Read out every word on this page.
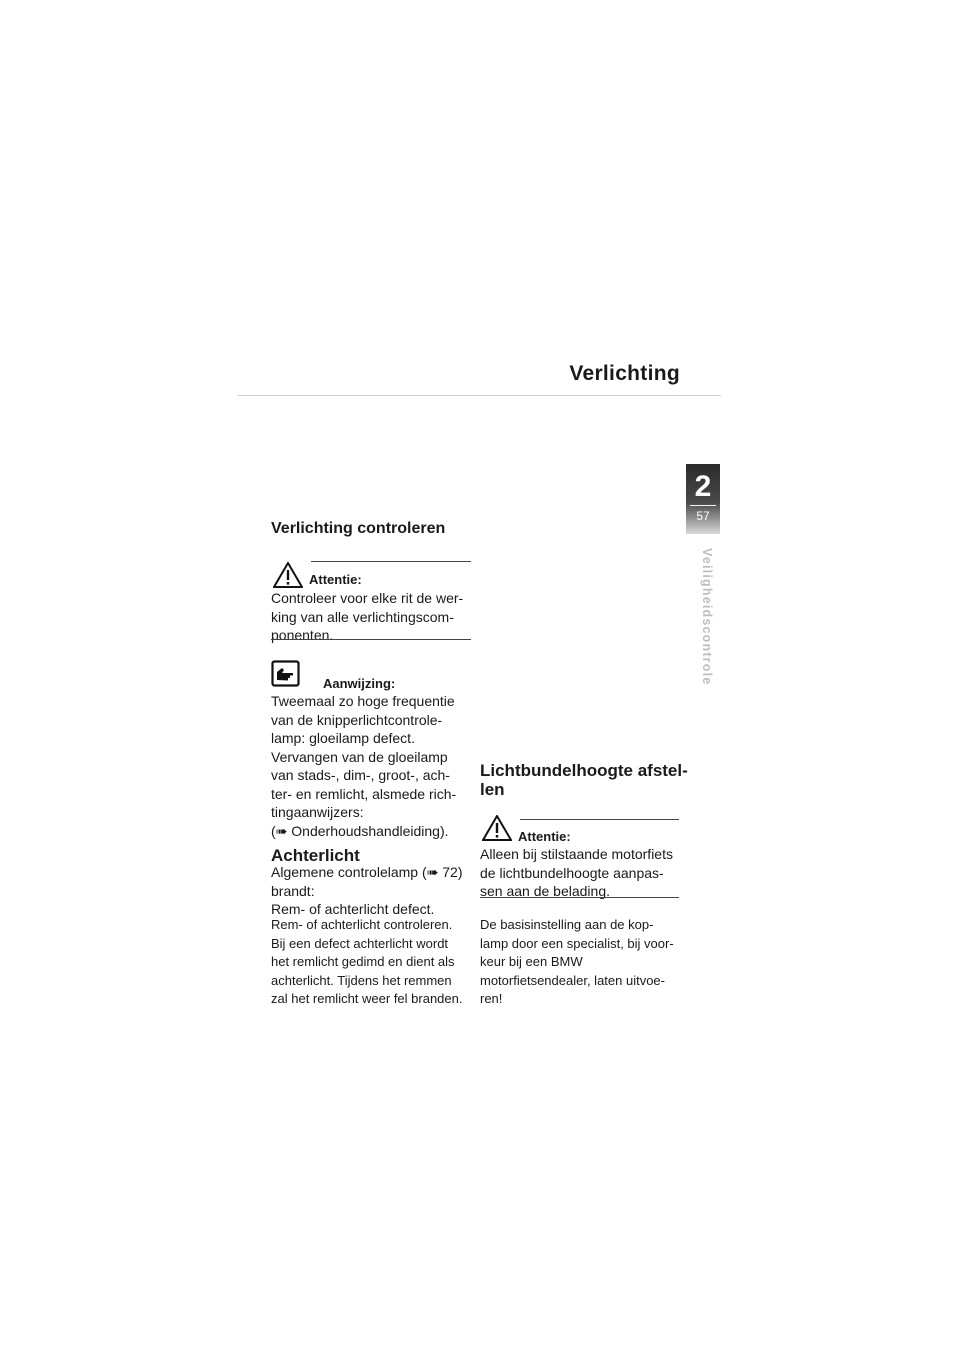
Verlichting
2
57
Veiligheidscontrole
Verlichting controleren
Attentie:
Controleer voor elke rit de wer-
king van alle verlichtingscom-
ponenten.
Aanwijzing:
Tweemaal zo hoge frequentie
van de knipperlichtcontrole-
lamp: gloeilamp defect.
Vervangen van de gloeilamp
van stads-, dim-, groot-, ach-
ter- en remlicht, alsmede rich-
tingaanwijzers:
(➠ Onderhoudshandleiding).
Achterlicht
Algemene controlelamp (➠ 72)
brandt:
Rem- of achterlicht defect.
Rem- of achterlicht controleren.
Bij een defect achterlicht wordt
het remlicht gedimd en dient als
achterlicht. Tijdens het remmen
zal het remlicht weer fel branden.
Lichtbundelhoogte afstel-
len
Attentie:
Alleen bij stilstaande motorfiets
de lichtbundelhoogte aanpas-
sen aan de belading.
De basisinstelling aan de kop-
lamp door een specialist, bij voor-
keur bij een BMW
motorfietsendealer, laten uitvoe-
ren!
